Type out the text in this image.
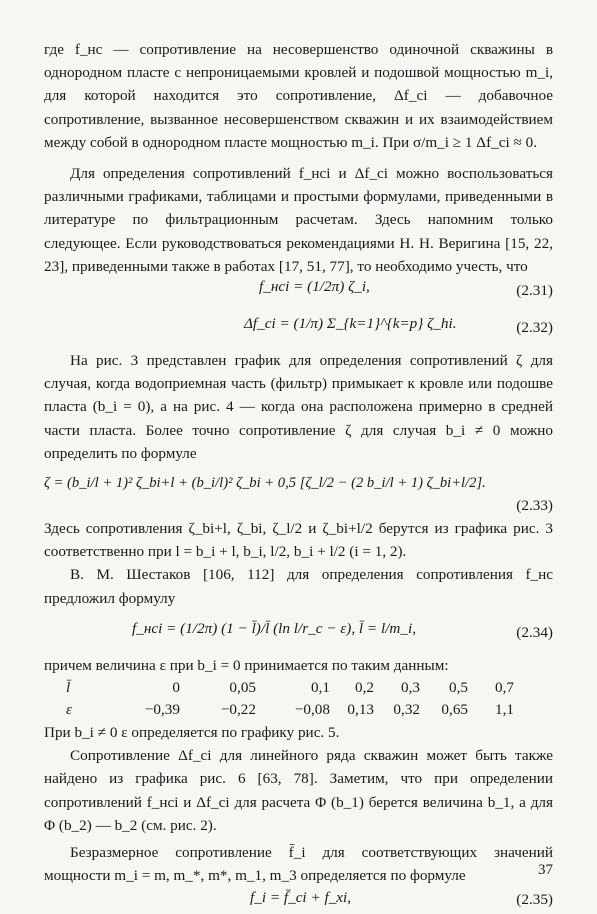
где f_нс — сопротивление на несовершенство одиночной скважины в однородном пласте с непроницаемыми кровлей и подошвой мощностью m_i, для которой находится это сопротивление, Δf_ci — добавочное сопротивление, вызванное несовершенством скважин и их взаимодействием между собой в однородном пласте мощностью m_i. При σ/m_i ≥ 1 Δf_ci ≈ 0.

Для определения сопротивлений f_нсi и Δf_ci можно воспользоваться различными графиками, таблицами и простыми формулами, приведенными в литературе по фильтрационным расчетам. Здесь напомним только следующее. Если руководствоваться рекомендациями Н. Н. Веригина [15, 22, 23], приведенными также в работах [17, 51, 77], то необходимо учесть, что

f_нсi = (1/2π) ζ_i,	(2.31)
Δf_ci = (1/π) Σ_{k=1}^{k=p} ζ_hi.	(2.32)

На рис. 3 представлен график для определения сопротивлений ζ для случая, когда водоприемная часть (фильтр) примыкает к кровле или подошве пласта (b_i = 0), а на рис. 4 — когда она расположена примерно в средней части пласта. Более точно сопротивление ζ для случая b_i ≠ 0 можно определить по формуле

ζ = (b_i/l + 1)² ζ_bi+l + (b_i/l)² ζ_bi + 0,5 [ζ_l/2 − (2 b_i/l + 1) ζ_bi+l/2].
(2.33)

Здесь сопротивления ζ_bi+l, ζ_bi, ζ_l/2 и ζ_bi+l/2 берутся из графика рис. 3 соответственно при l = b_i + l, b_i, l/2, b_i + l/2 (i = 1, 2).

В. М. Шестаков [106, 112] для определения сопротивления f_нс предложил формулу

f_нсi = (1/2π) (1 − l̄)/l̄ (ln l/r_c − ε), l̄ = l/m_i,	(2.34)

причем величина ε при b_i = 0 принимается по таким данным:

l̄	0	0,05	0,1	0,2	0,3	0,5	0,7
ε	−0,39	−0,22	−0,08	0,13	0,32	0,65	1,1

При b_i ≠ 0 ε определяется по графику рис. 5.

Сопротивление Δf_ci для линейного ряда скважин может быть также найдено из графика рис. 6 [63, 78]. Заметим, что при определении сопротивлений f_нсi и Δf_ci для расчета Φ (b_1) берется величина b_1, а для Φ (b_2) — b_2 (см. рис. 2).

Безразмерное сопротивление f̄_i для соответствующих значений мощности m_i = m, m_*, m*, m_1, m_3 определяется по формуле

f_i = f̄_ci + f_xi,	(2.35)
37
